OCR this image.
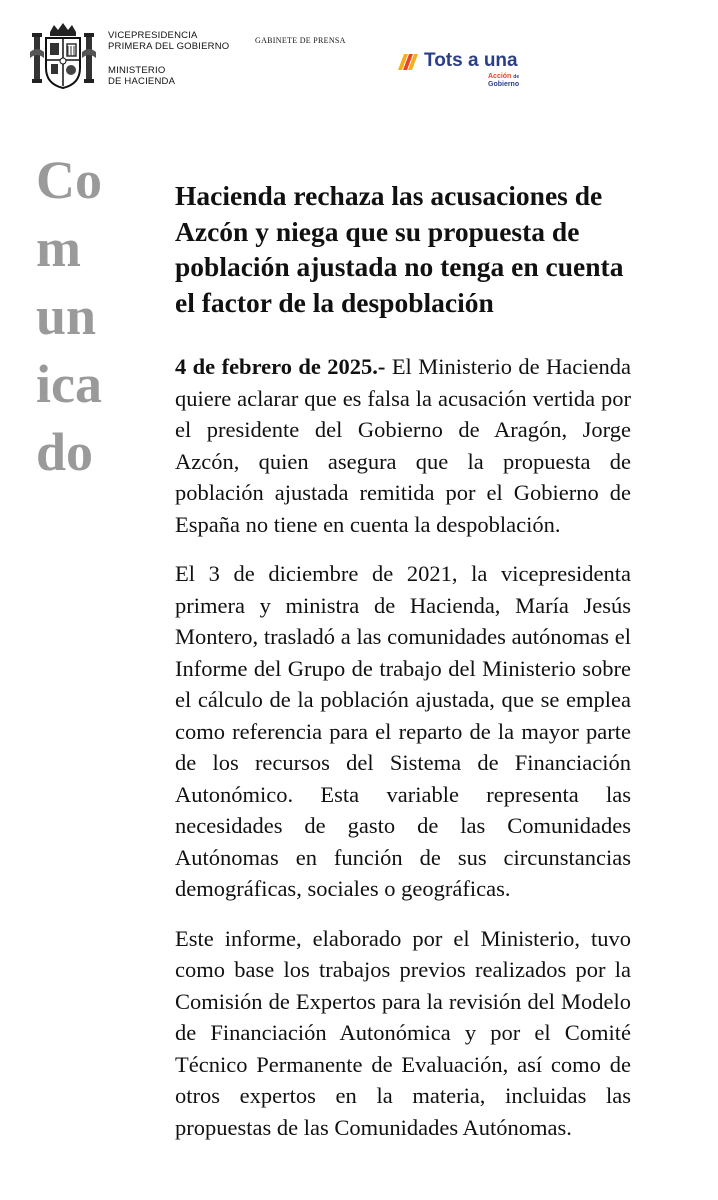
VICEPRESIDENCIA
PRIMERA DEL GOBIERNO
MINISTERIO
DE HACIENDA
GABINETE DE PRENSA
Tots a una
Acción de
Gobierno
Co
m
un
ica
do
Hacienda rechaza las acusaciones de Azcón y niega que su propuesta de población ajustada no tenga en cuenta el factor de la despoblación

4 de febrero de 2025.- El Ministerio de Hacienda quiere aclarar que es falsa la acusación vertida por el presidente del Gobierno de Aragón, Jorge Azcón, quien asegura que la propuesta de población ajustada remitida por el Gobierno de España no tiene en cuenta la despoblación.

El 3 de diciembre de 2021, la vicepresidenta primera y ministra de Hacienda, María Jesús Montero, trasladó a las comunidades autónomas el Informe del Grupo de trabajo del Ministerio sobre el cálculo de la población ajustada, que se emplea como referencia para el reparto de la mayor parte de los recursos del Sistema de Financiación Autonómico. Esta variable representa las necesidades de gasto de las Comunidades Autónomas en función de sus circunstancias demográficas, sociales o geográficas.

Este informe, elaborado por el Ministerio, tuvo como base los trabajos previos realizados por la Comisión de Expertos para la revisión del Modelo de Financiación Autonómica y por el Comité Técnico Permanente de Evaluación, así como de otros expertos en la materia, incluidas las propuestas de las Comunidades Autónomas.
